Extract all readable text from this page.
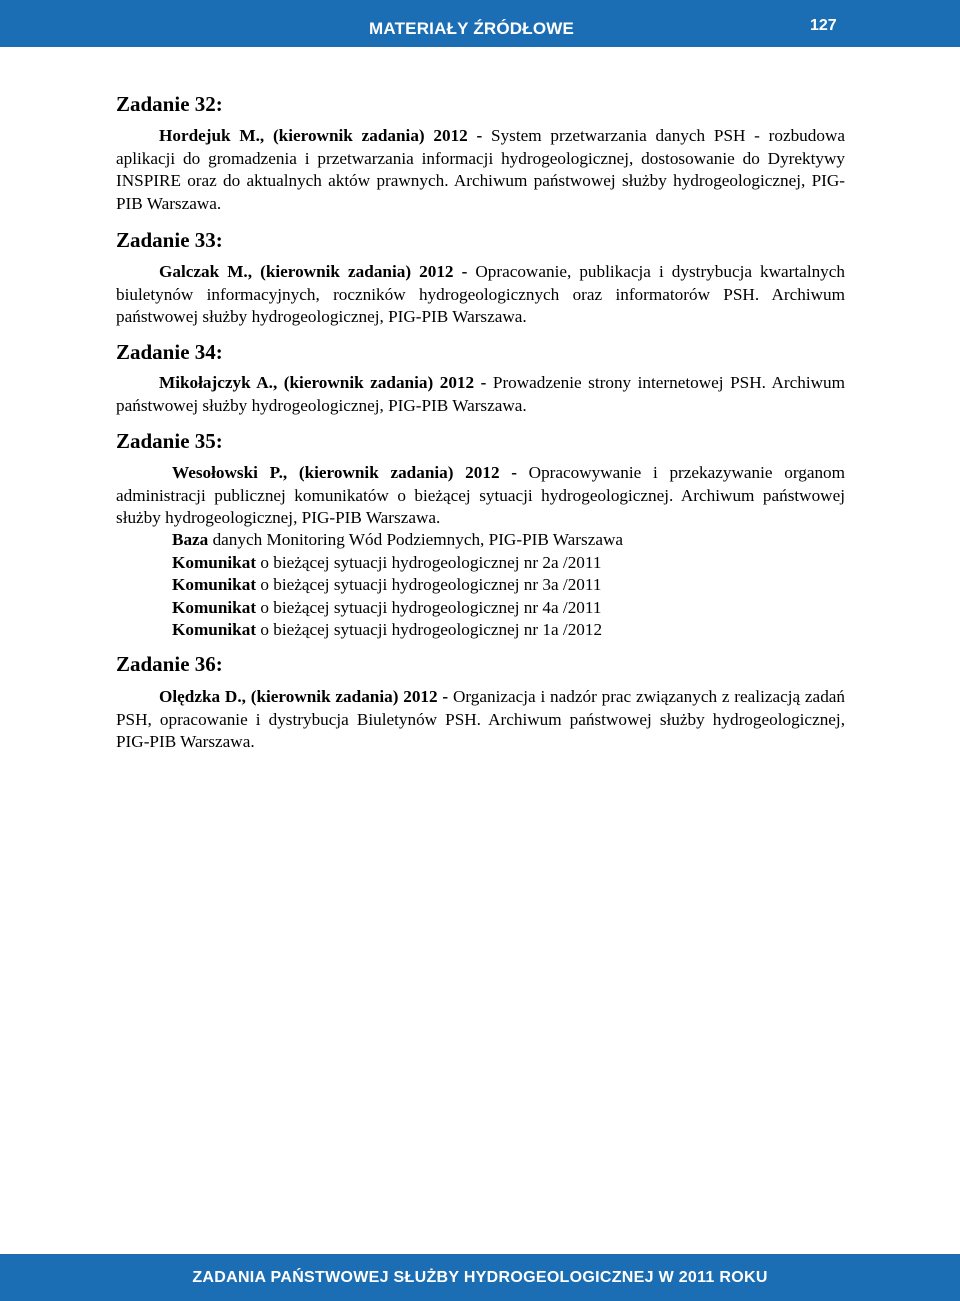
MATERIAŁY ŹRÓDŁOWE	127
Zadanie 32:
Hordejuk M., (kierownik zadania) 2012 - System przetwarzania danych PSH - rozbudowa aplikacji do gromadzenia i przetwarzania informacji hydrogeologicznej, dostosowanie do Dyrektywy INSPIRE oraz do aktualnych aktów prawnych. Archiwum państwowej służby hydrogeologicznej, PIG-PIB Warszawa.
Zadanie 33:
Galczak M., (kierownik zadania) 2012 - Opracowanie, publikacja i dystrybucja kwartalnych biuletynów informacyjnych, roczników hydrogeologicznych oraz informatorów PSH. Archiwum państwowej służby hydrogeologicznej, PIG-PIB Warszawa.
Zadanie 34:
Mikołajczyk A., (kierownik zadania) 2012 - Prowadzenie strony internetowej PSH. Archiwum państwowej służby hydrogeologicznej, PIG-PIB Warszawa.
Zadanie 35:
Wesołowski P., (kierownik zadania) 2012 - Opracowywanie i przekazywanie organom administracji publicznej komunikatów o bieżącej sytuacji hydrogeologicznej. Archiwum państwowej służby hydrogeologicznej, PIG-PIB Warszawa.
Baza danych Monitoring Wód Podziemnych, PIG-PIB Warszawa
Komunikat o bieżącej sytuacji hydrogeologicznej nr 2a /2011
Komunikat o bieżącej sytuacji hydrogeologicznej nr 3a /2011
Komunikat o bieżącej sytuacji hydrogeologicznej nr 4a /2011
Komunikat o bieżącej sytuacji hydrogeologicznej nr 1a /2012
Zadanie 36:
Olędzka D., (kierownik zadania) 2012 - Organizacja i nadzór prac związanych z realizacją zadań PSH, opracowanie i dystrybucja Biuletynów PSH. Archiwum państwowej służby hydrogeologicznej, PIG-PIB Warszawa.
ZADANIA PAŃSTWOWEJ SŁUŻBY HYDROGEOLOGICZNEJ W 2011 ROKU
